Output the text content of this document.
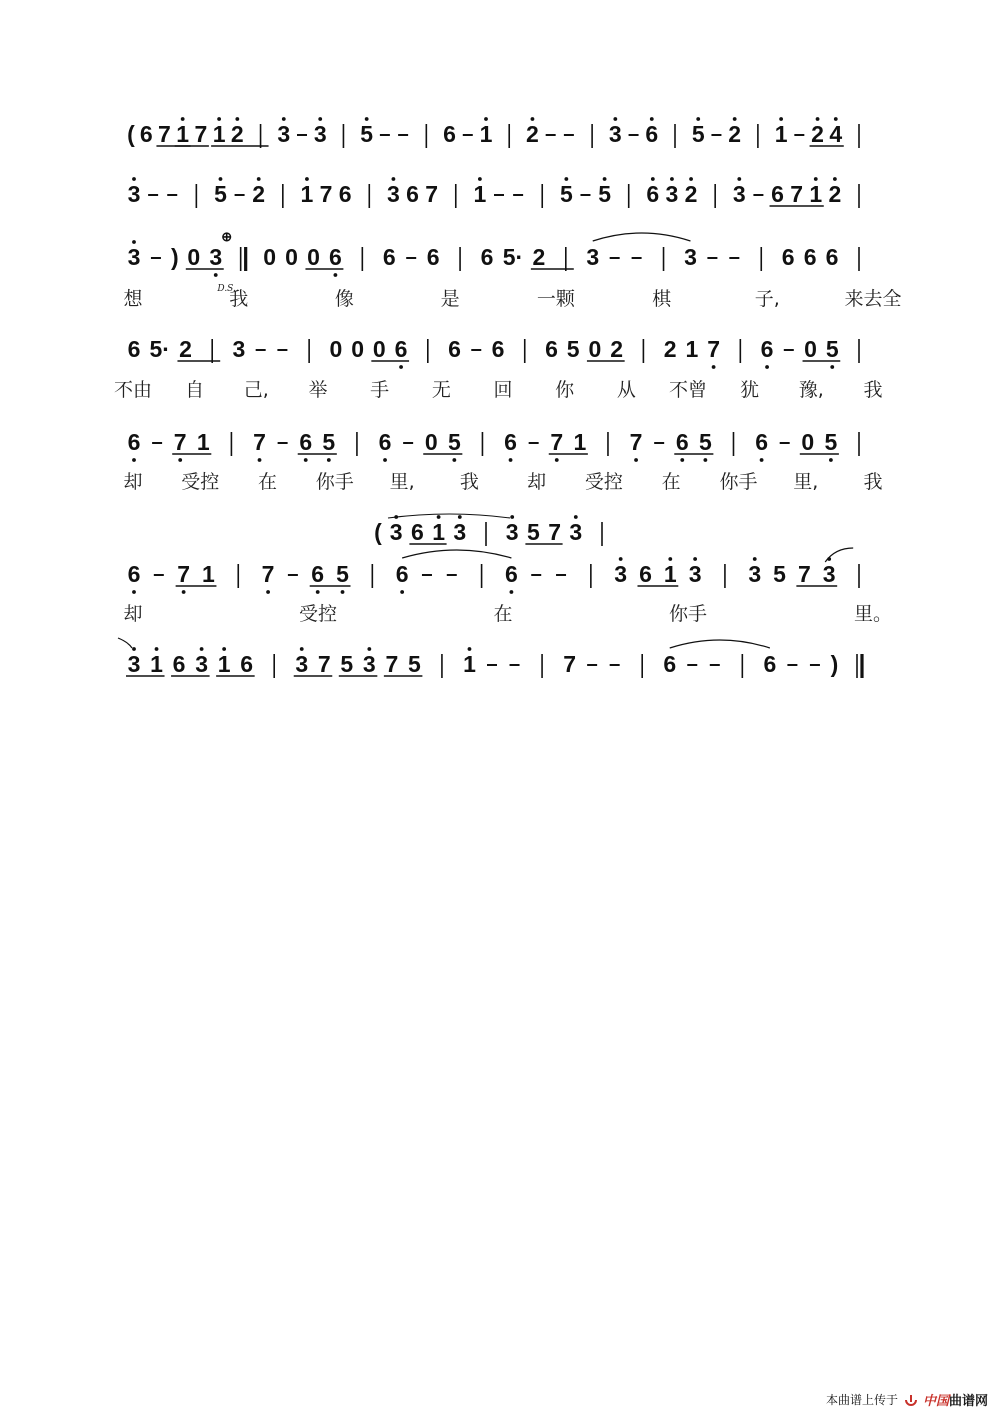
( 6 7 1 7 1 2 3 3 5	6 1 2	3 6 5 2 1 2 4
3	5 2 1 7 6 3 6 7 1	5 5 6 3 2 3 6 7 1 2
3 ) 0 3
⊕
D.S.
0 0 0 6 6 6 6 5· 2 3	3	6 6 6
想	我	像	是	一颗	棋	子,	来去全
6 5· 2 3	0 0 0 6 6 6 6 5 0 2 2 1 7 6 0 5
不由 自 己, 举 手 无 回 你 从 不曾 犹 豫, 我
6 7 1 7 6 5 6 0 5 6 7 1 7 6 5 6 0 5
却 受控 在 你手 里, 我	却 受控 在 你手 里, 我
6 7 1 7 6 5 6	6	3 6 1 3 3 5 7 3
( 3 6 1 3 3 5 7 3
却	受控	在	你手	里。
3 1 6 3 1 6 3 7 5 3 7 5 1	7	6	6 )
本曲谱上传于 中国曲谱网
